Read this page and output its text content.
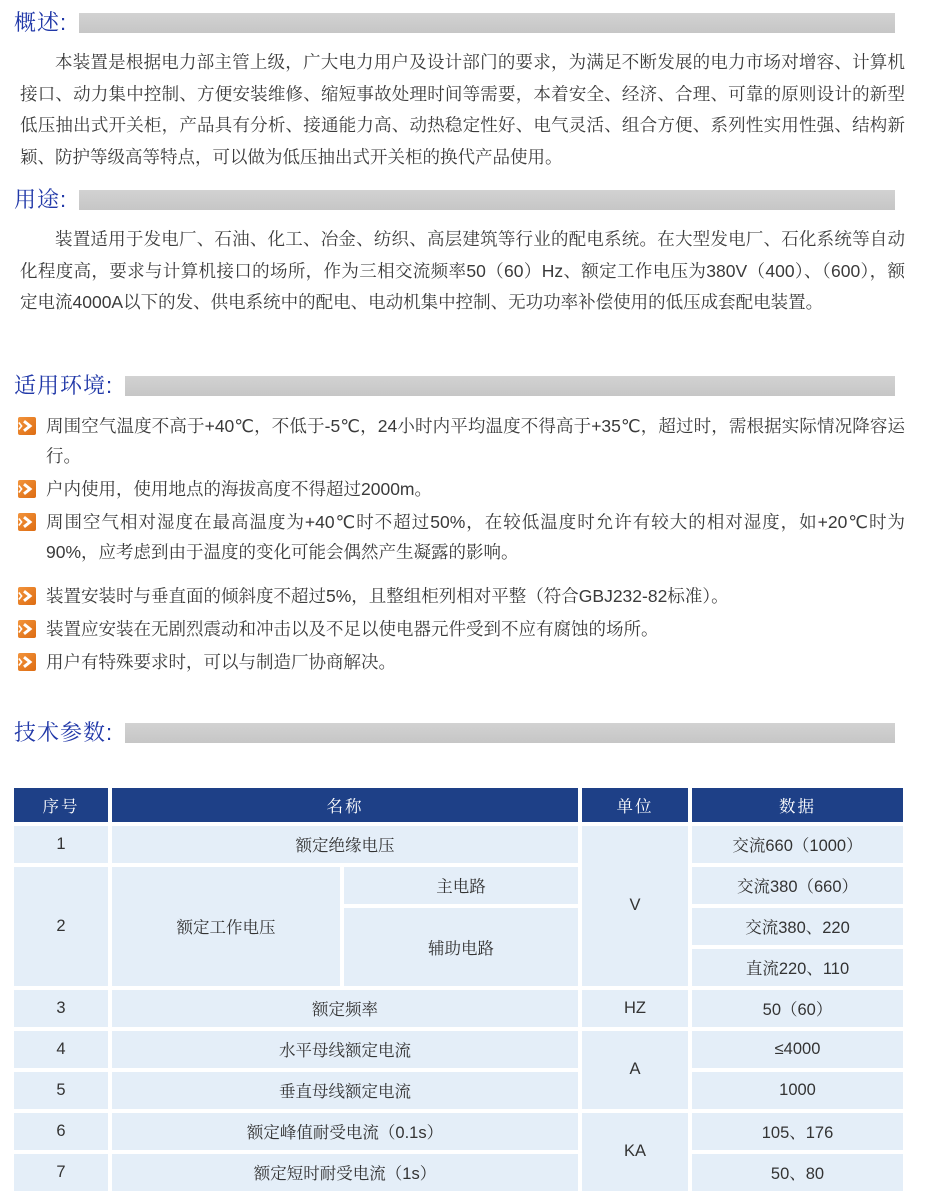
概述:

本装置是根据电力部主管上级，广大电力用户及设计部门的要求，为满足不断发展的电力市场对增容、计算机接口、动力集中控制、方便安装维修、缩短事故处理时间等需要，本着安全、经济、合理、可靠的原则设计的新型低压抽出式开关柜，产品具有分析、接通能力高、动热稳定性好、电气灵活、组合方便、系列性实用性强、结构新颖、防护等级高等特点，可以做为低压抽出式开关柜的换代产品使用。

用途:

装置适用于发电厂、石油、化工、冶金、纺织、高层建筑等行业的配电系统。在大型发电厂、石化系统等自动化程度高，要求与计算机接口的场所，作为三相交流频率50（60）Hz、额定工作电压为380V（400）、（600），额定电流4000A以下的发、供电系统中的配电、电动机集中控制、无功功率补偿使用的低压成套配电装置。

适用环境:
周围空气温度不高于+40℃，不低于-5℃，24小时内平均温度不得高于+35℃，超过时，需根据实际情况降容运行。
户内使用，使用地点的海拔高度不得超过2000m。
周围空气相对湿度在最高温度为+40℃时不超过50%，在较低温度时允许有较大的相对湿度，如+20℃时为90%，应考虑到由于温度的变化可能会偶然产生凝露的影响。
装置安装时与垂直面的倾斜度不超过5%，且整组柜列相对平整（符合GBJ232-82标准）。
装置应安装在无剧烈震动和冲击以及不足以使电器元件受到不应有腐蚀的场所。
用户有特殊要求时，可以与制造厂协商解决。
技术参数:
序号	名称		单位	数据
1	额定绝缘电压		V	交流660（1000）
2	额定工作电压	主电路		交流380（660）
		辅助电路		交流380、220
				直流220、110
3	额定频率		HZ	50（60）
4	水平母线额定电流		A	≤4000
5	垂直母线额定电流			1000
6	额定峰值耐受电流（0.1s）		KA	105、176
7	额定短时耐受电流（1s）			50、80
